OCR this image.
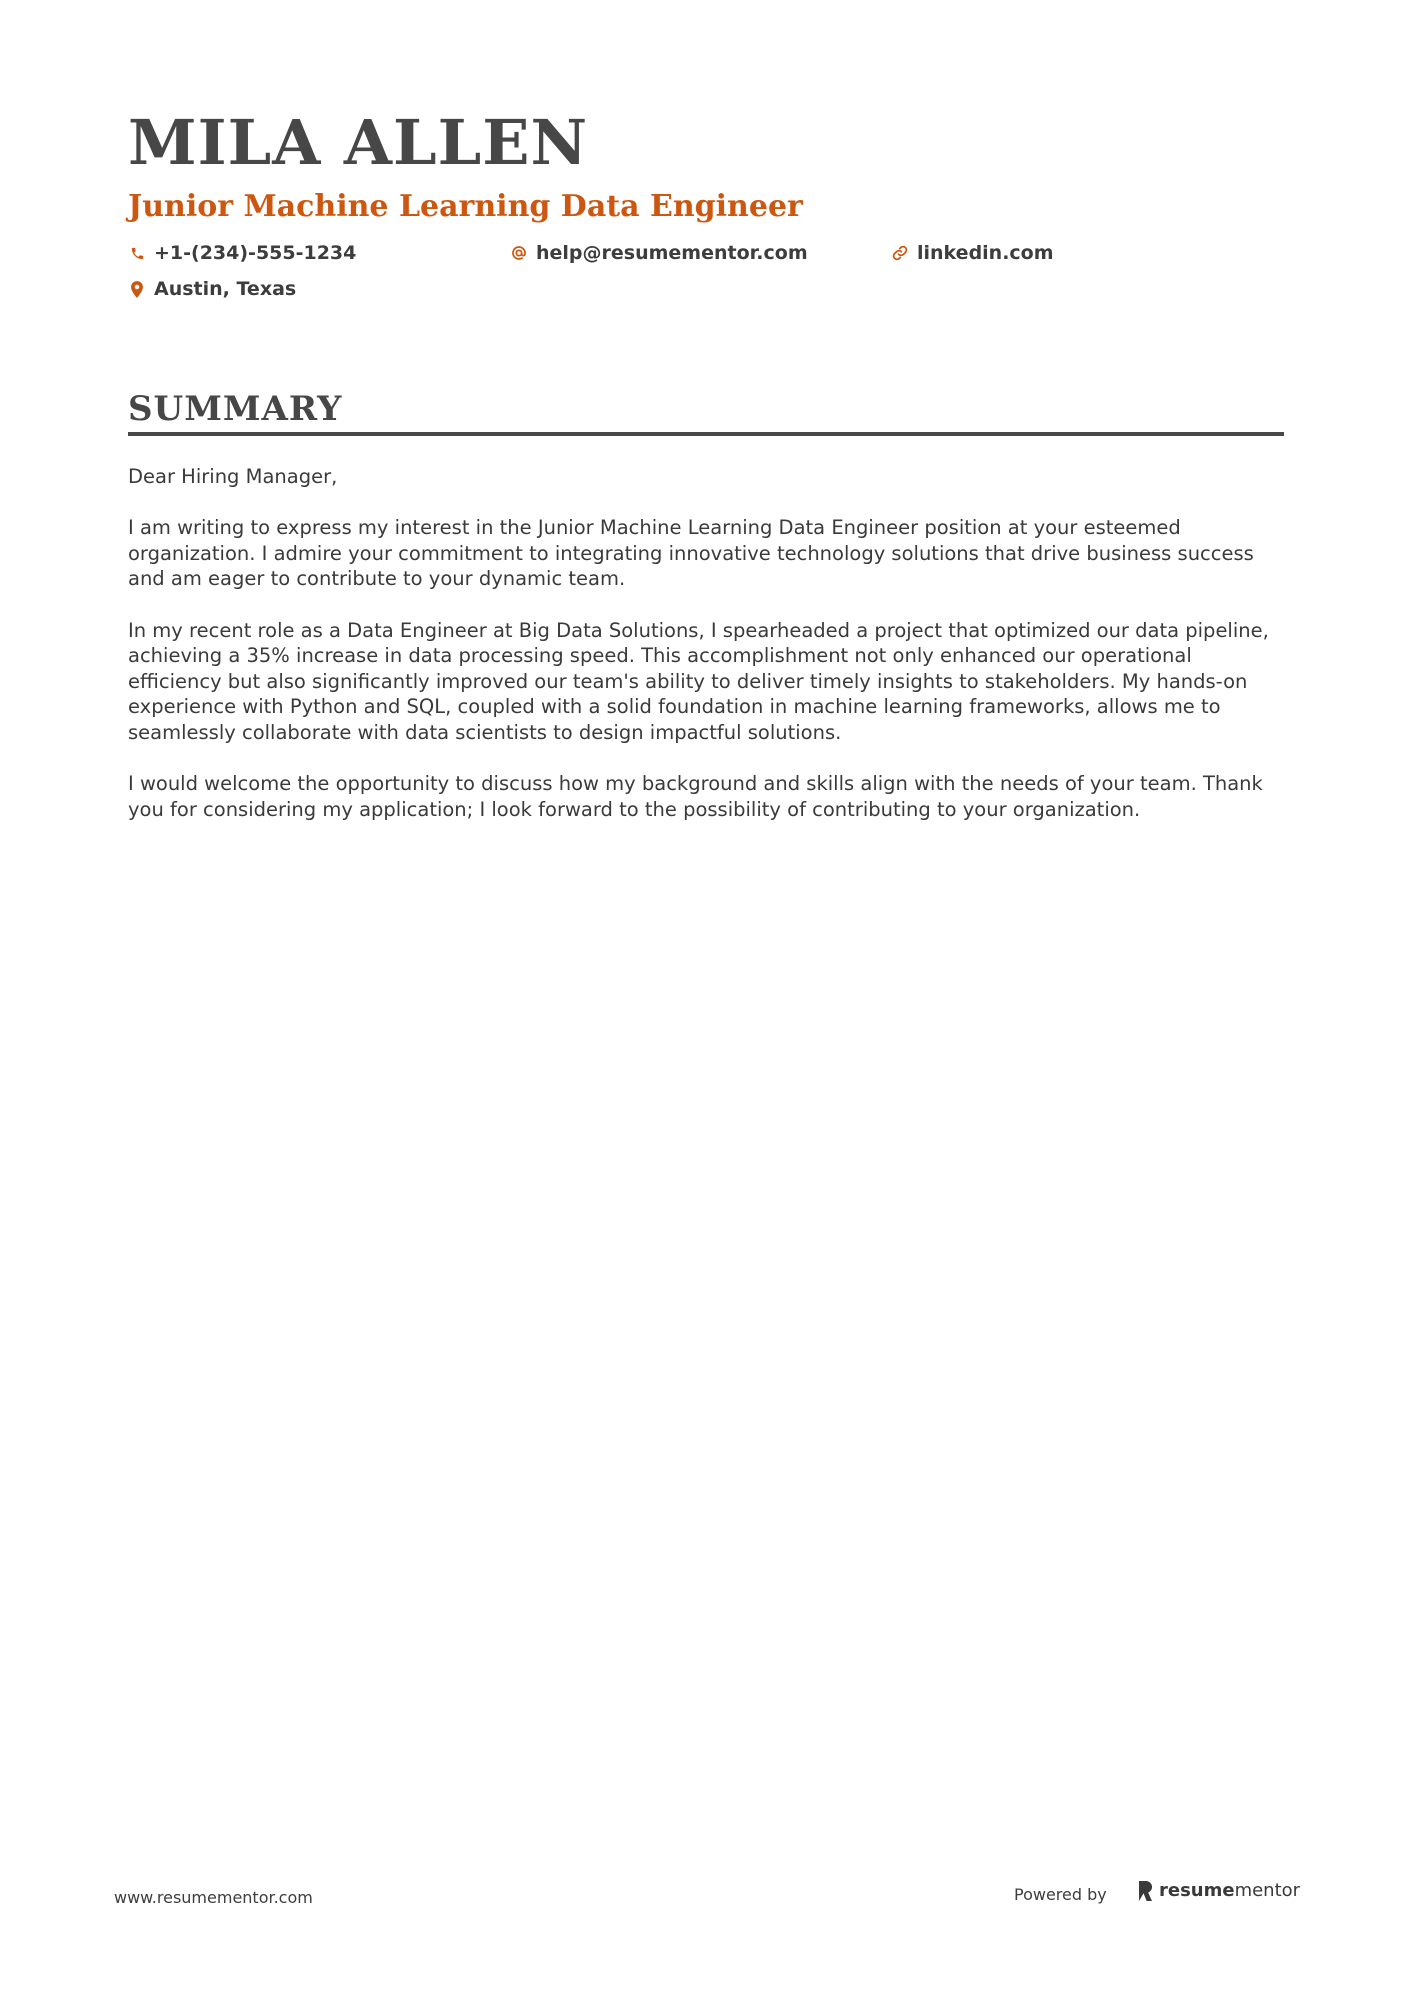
MILA ALLEN
Junior Machine Learning Data Engineer
+1-(234)-555-1234	help@resumementor.com	linkedin.com
Austin, Texas
SUMMARY

Dear Hiring Manager,

I am writing to express my interest in the Junior Machine Learning Data Engineer position at your esteemed organization. I admire your commitment to integrating innovative technology solutions that drive business success and am eager to contribute to your dynamic team.

In my recent role as a Data Engineer at Big Data Solutions, I spearheaded a project that optimized our data pipeline, achieving a 35% increase in data processing speed. This accomplishment not only enhanced our operational efficiency but also significantly improved our team's ability to deliver timely insights to stakeholders. My hands-on experience with Python and SQL, coupled with a solid foundation in machine learning frameworks, allows me to seamlessly collaborate with data scientists to design impactful solutions.

I would welcome the opportunity to discuss how my background and skills align with the needs of your team. Thank you for considering my application; I look forward to the possibility of contributing to your organization.

www.resumementor.com	Powered by	resume mentor
